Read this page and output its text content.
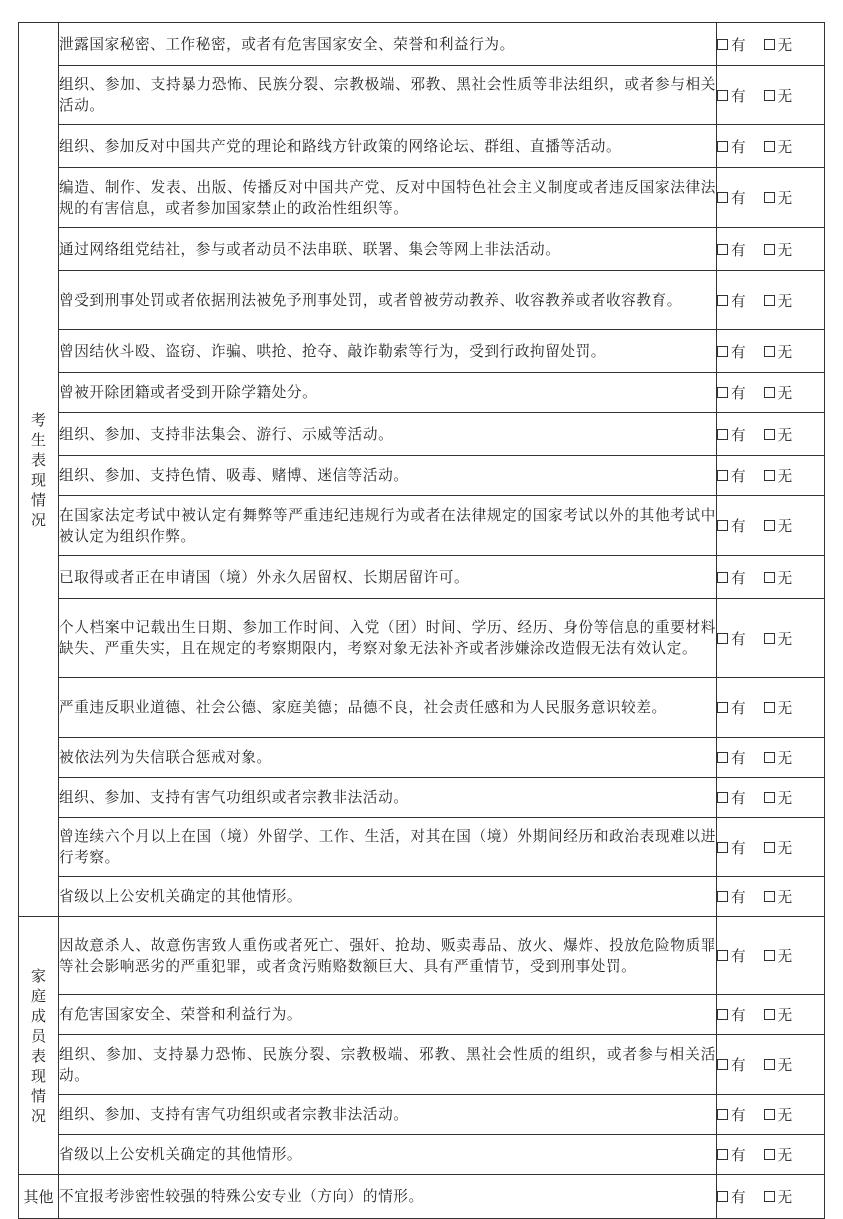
考生表现情况	泄露国家秘密、工作秘密，或者有危害国家安全、荣誉和利益行为。	有 无

	组织、参加、支持暴力恐怖、民族分裂、宗教极端、邪教、黑社会性质等非法组织，或者参与相关活动。	有 无

	组织、参加反对中国共产党的理论和路线方针政策的网络论坛、群组、直播等活动。	有 无

	编造、制作、发表、出版、传播反对中国共产党、反对中国特色社会主义制度或者违反国家法律法规的有害信息，或者参加国家禁止的政治性组织等。	有 无

	通过网络组党结社，参与或者动员不法串联、联署、集会等网上非法活动。	有 无

	曾受到刑事处罚或者依据刑法被免予刑事处罚，或者曾被劳动教养、收容教养或者收容教育。	有 无

	曾因结伙斗殴、盗窃、诈骗、哄抢、抢夺、敲诈勒索等行为，受到行政拘留处罚。	有 无

	曾被开除团籍或者受到开除学籍处分。	有 无

	组织、参加、支持非法集会、游行、示威等活动。	有 无

	组织、参加、支持色情、吸毒、赌博、迷信等活动。	有 无

	在国家法定考试中被认定有舞弊等严重违纪违规行为或者在法律规定的国家考试以外的其他考试中被认定为组织作弊。	有 无

	已取得或者正在申请国（境）外永久居留权、长期居留许可。	有 无

	个人档案中记载出生日期、参加工作时间、入党（团）时间、学历、经历、身份等信息的重要材料缺失、严重失实，且在规定的考察期限内，考察对象无法补齐或者涉嫌涂改造假无法有效认定。	有 无

	严重违反职业道德、社会公德、家庭美德；品德不良，社会责任感和为人民服务意识较差。	有 无

	被依法列为失信联合惩戒对象。	有 无

	组织、参加、支持有害气功组织或者宗教非法活动。	有 无

	曾连续六个月以上在国（境）外留学、工作、生活，对其在国（境）外期间经历和政治表现难以进行考察。	有 无

	省级以上公安机关确定的其他情形。	有 无

家庭成员表现情况	因故意杀人、故意伤害致人重伤或者死亡、强奸、抢劫、贩卖毒品、放火、爆炸、投放危险物质罪等社会影响恶劣的严重犯罪，或者贪污贿赂数额巨大、具有严重情节，受到刑事处罚。	有 无

	有危害国家安全、荣誉和利益行为。	有 无

	组织、参加、支持暴力恐怖、民族分裂、宗教极端、邪教、黑社会性质的组织，或者参与相关活动。	有 无

	组织、参加、支持有害气功组织或者宗教非法活动。	有 无

	省级以上公安机关确定的其他情形。	有 无

其他	不宜报考涉密性较强的特殊公安专业（方向）的情形。	有 无
